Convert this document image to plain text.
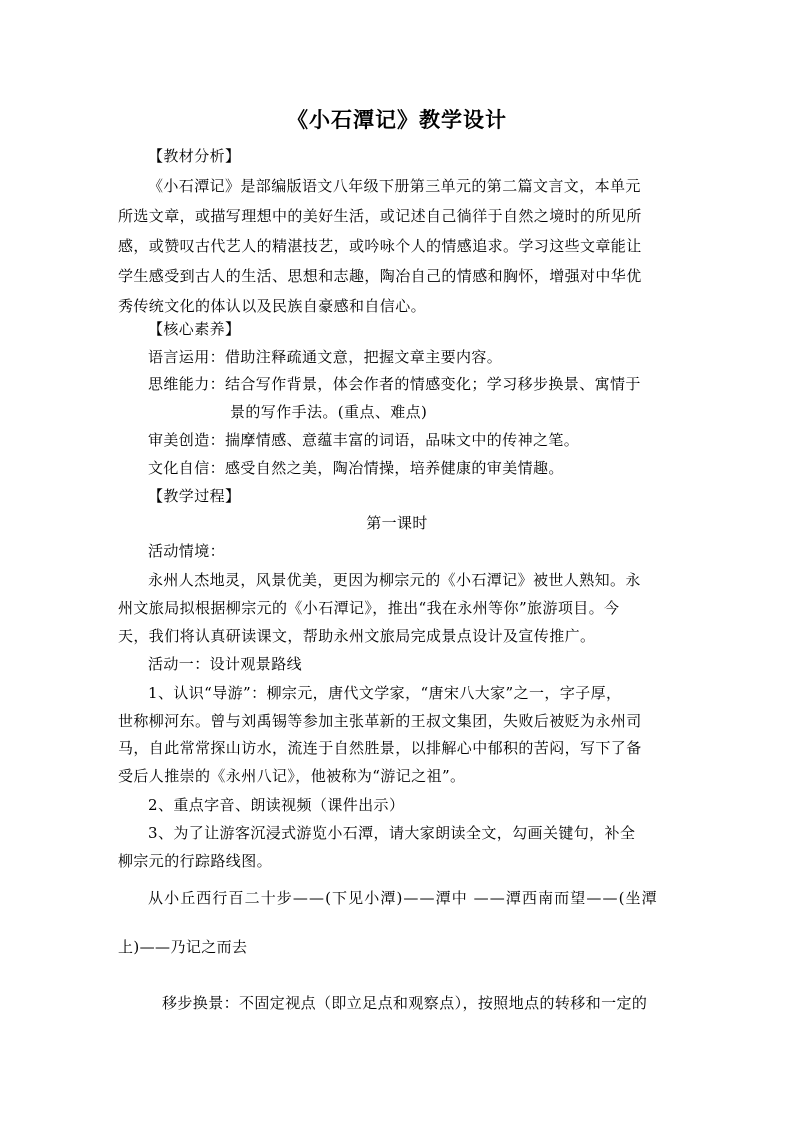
《小石潭记》教学设计
【教材分析】
《小石潭记》是部编版语文八年级下册第三单元的第二篇文言文，本单元
所选文章，或描写理想中的美好生活，或记述自己徜徉于自然之境时的所见所
感，或赞叹古代艺人的精湛技艺，或吟咏个人的情感追求。学习这些文章能让
学生感受到古人的生活、思想和志趣，陶冶自己的情感和胸怀，增强对中华优
秀传统文化的体认以及民族自豪感和自信心。
【核心素养】
语言运用：借助注释疏通文意，把握文章主要内容。
思维能力：结合写作背景，体会作者的情感变化；学习移步换景、寓情于
景的写作手法。(重点、难点)
审美创造：揣摩情感、意蕴丰富的词语，品味文中的传神之笔。
文化自信：感受自然之美，陶冶情操，培养健康的审美情趣。
【教学过程】
第一课时
活动情境：
永州人杰地灵，风景优美，更因为柳宗元的《小石潭记》被世人熟知。永
州文旅局拟根据柳宗元的《小石潭记》，推出“我在永州等你”旅游项目。今
天，我们将认真研读课文，帮助永州文旅局完成景点设计及宣传推广。
活动一：设计观景路线
1、认识“导游”：柳宗元，唐代文学家，“唐宋八大家”之一，字子厚，
世称柳河东。曾与刘禹锡等参加主张革新的王叔文集团，失败后被贬为永州司
马，自此常常探山访水，流连于自然胜景，以排解心中郁积的苦闷，写下了备
受后人推崇的《永州八记》，他被称为“游记之祖”。
2、重点字音、朗读视频（课件出示）
3、为了让游客沉浸式游览小石潭，请大家朗读全文，勾画关键句，补全
柳宗元的行踪路线图。
从小丘西行百二十步——(下见小潭)——潭中 ——潭西南而望——(坐潭
上)——乃记之而去
移步换景：不固定视点（即立足点和观察点），按照地点的转移和一定的
